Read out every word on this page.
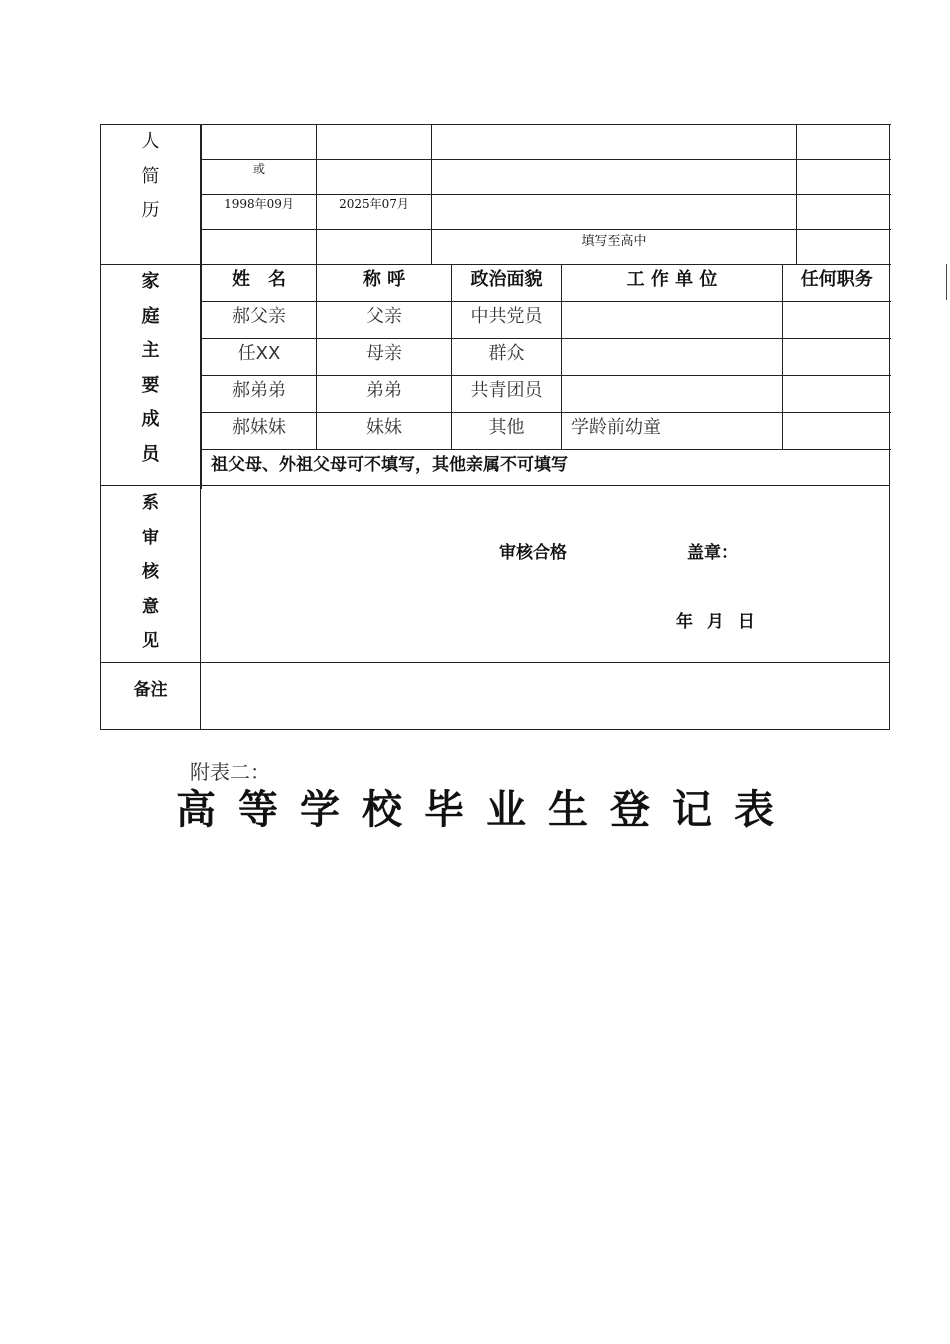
人
简
历

或			
1998年09月	2025年07月		
		填写至高中	
家
庭
主
要
成
员
姓　名	称 呼	政治面貌	工 作 单 位	任何职务
郝父亲	父亲	中共党员		
任XX	母亲	群众		
郝弟弟	弟弟	共青团员		
郝妹妹	妹妹	其他	学龄前幼童	
祖父母、外祖父母可不填写，其他亲属不可填写				
系
审
核
意
见
审核合格	盖章：
年 月 日
备注
附表二：
高等学校毕业生登记表
